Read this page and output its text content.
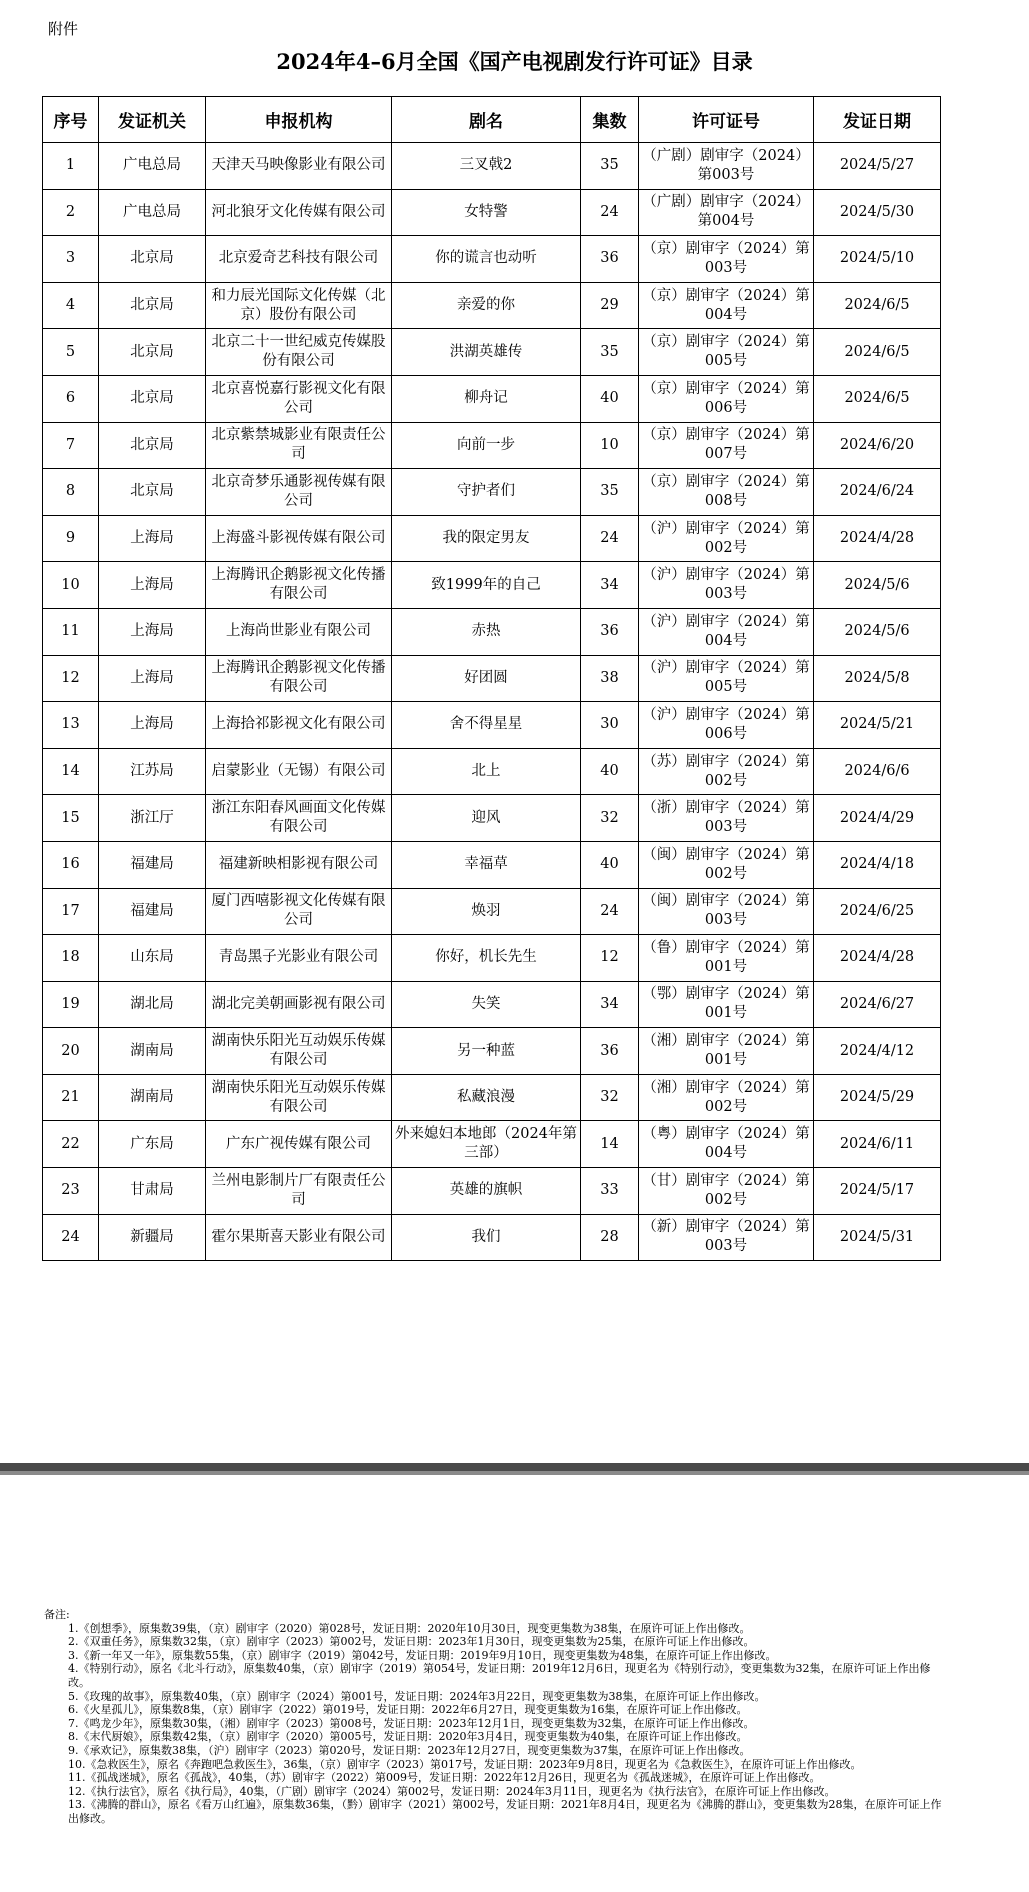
附件
2024年4–6月全国《国产电视剧发行许可证》目录
序号	发证机关	申报机构	剧名	集数	许可证号	发证日期
1	广电总局	天津天马映像影业有限公司	三叉戟2	35	（广剧）剧审字（2024）第003号	2024/5/27
2	广电总局	河北狼牙文化传媒有限公司	女特警	24	（广剧）剧审字（2024）第004号	2024/5/30
3	北京局	北京爱奇艺科技有限公司	你的谎言也动听	36	（京）剧审字（2024）第003号	2024/5/10
4	北京局	和力辰光国际文化传媒（北京）股份有限公司	亲爱的你	29	（京）剧审字（2024）第004号	2024/6/5
5	北京局	北京二十一世纪威克传媒股份有限公司	洪湖英雄传	35	（京）剧审字（2024）第005号	2024/6/5
6	北京局	北京喜悦嘉行影视文化有限公司	柳舟记	40	（京）剧审字（2024）第006号	2024/6/5
7	北京局	北京紫禁城影业有限责任公司	向前一步	10	（京）剧审字（2024）第007号	2024/6/20
8	北京局	北京奇梦乐通影视传媒有限公司	守护者们	35	（京）剧审字（2024）第008号	2024/6/24
9	上海局	上海盛斗影视传媒有限公司	我的限定男友	24	（沪）剧审字（2024）第002号	2024/4/28
10	上海局	上海腾讯企鹅影视文化传播有限公司	致1999年的自己	34	（沪）剧审字（2024）第003号	2024/5/6
11	上海局	上海尚世影业有限公司	赤热	36	（沪）剧审字（2024）第004号	2024/5/6
12	上海局	上海腾讯企鹅影视文化传播有限公司	好团圆	38	（沪）剧审字（2024）第005号	2024/5/8
13	上海局	上海拾祁影视文化有限公司	舍不得星星	30	（沪）剧审字（2024）第006号	2024/5/21
14	江苏局	启蒙影业（无锡）有限公司	北上	40	（苏）剧审字（2024）第002号	2024/6/6
15	浙江厅	浙江东阳春风画面文化传媒有限公司	迎风	32	（浙）剧审字（2024）第003号	2024/4/29
16	福建局	福建新映相影视有限公司	幸福草	40	（闽）剧审字（2024）第002号	2024/4/18
17	福建局	厦门西嘻影视文化传媒有限公司	焕羽	24	（闽）剧审字（2024）第003号	2024/6/25
18	山东局	青岛黑子光影业有限公司	你好，机长先生	12	（鲁）剧审字（2024）第001号	2024/4/28
19	湖北局	湖北完美朝画影视有限公司	失笑	34	（鄂）剧审字（2024）第001号	2024/6/27
20	湖南局	湖南快乐阳光互动娱乐传媒有限公司	另一种蓝	36	（湘）剧审字（2024）第001号	2024/4/12
21	湖南局	湖南快乐阳光互动娱乐传媒有限公司	私藏浪漫	32	（湘）剧审字（2024）第002号	2024/5/29
22	广东局	广东广视传媒有限公司	外来媳妇本地郎（2024年第三部）	14	（粤）剧审字（2024）第004号	2024/6/11
23	甘肃局	兰州电影制片厂有限责任公司	英雄的旗帜	33	（甘）剧审字（2024）第002号	2024/5/17
24	新疆局	霍尔果斯喜天影业有限公司	我们	28	（新）剧审字（2024）第003号	2024/5/31
备注:
1.《创想季》，原集数39集，（京）剧审字（2020）第028号，发证日期：2020年10月30日，现变更集数为38集，在原许可证上作出修改。
2.《双重任务》，原集数32集，（京）剧审字（2023）第002号，发证日期：2023年1月30日，现变更集数为25集，在原许可证上作出修改。
3.《新一年又一年》，原集数55集，（京）剧审字（2019）第042号，发证日期：2019年9月10日，现变更集数为48集，在原许可证上作出修改。
4.《特别行动》，原名《北斗行动》，原集数40集，（京）剧审字（2019）第054号，发证日期：2019年12月6日，现更名为《特别行动》，变更集数为32集，在原许可证上作出修改。
5.《玫瑰的故事》，原集数40集，（京）剧审字（2024）第001号，发证日期：2024年3月22日，现变更集数为38集，在原许可证上作出修改。
6.《火星孤儿》，原集数8集，（京）剧审字（2022）第019号，发证日期：2022年6月27日，现变更集数为16集，在原许可证上作出修改。
7.《鸣龙少年》，原集数30集，（湘）剧审字（2023）第008号，发证日期：2023年12月1日，现变更集数为32集，在原许可证上作出修改。
8.《末代厨娘》，原集数42集，（京）剧审字（2020）第005号，发证日期：2020年3月4日，现变更集数为40集，在原许可证上作出修改。
9.《承欢记》，原集数38集，（沪）剧审字（2023）第020号，发证日期：2023年12月27日，现变更集数为37集，在原许可证上作出修改。
10.《急救医生》，原名《奔跑吧急救医生》，36集，（京）剧审字（2023）第017号，发证日期：2023年9月8日，现更名为《急救医生》，在原许可证上作出修改。
11.《孤战迷城》，原名《孤战》，40集，（苏）剧审字（2022）第009号，发证日期：2022年12月26日，现更名为《孤战迷城》，在原许可证上作出修改。
12.《执行法官》，原名《执行局》，40集，（广剧）剧审字（2024）第002号，发证日期：2024年3月11日，现更名为《执行法官》，在原许可证上作出修改。
13.《沸腾的群山》，原名《看万山红遍》，原集数36集，（黔）剧审字（2021）第002号，发证日期：2021年8月4日，现更名为《沸腾的群山》，变更集数为28集，在原许可证上作出修改。
